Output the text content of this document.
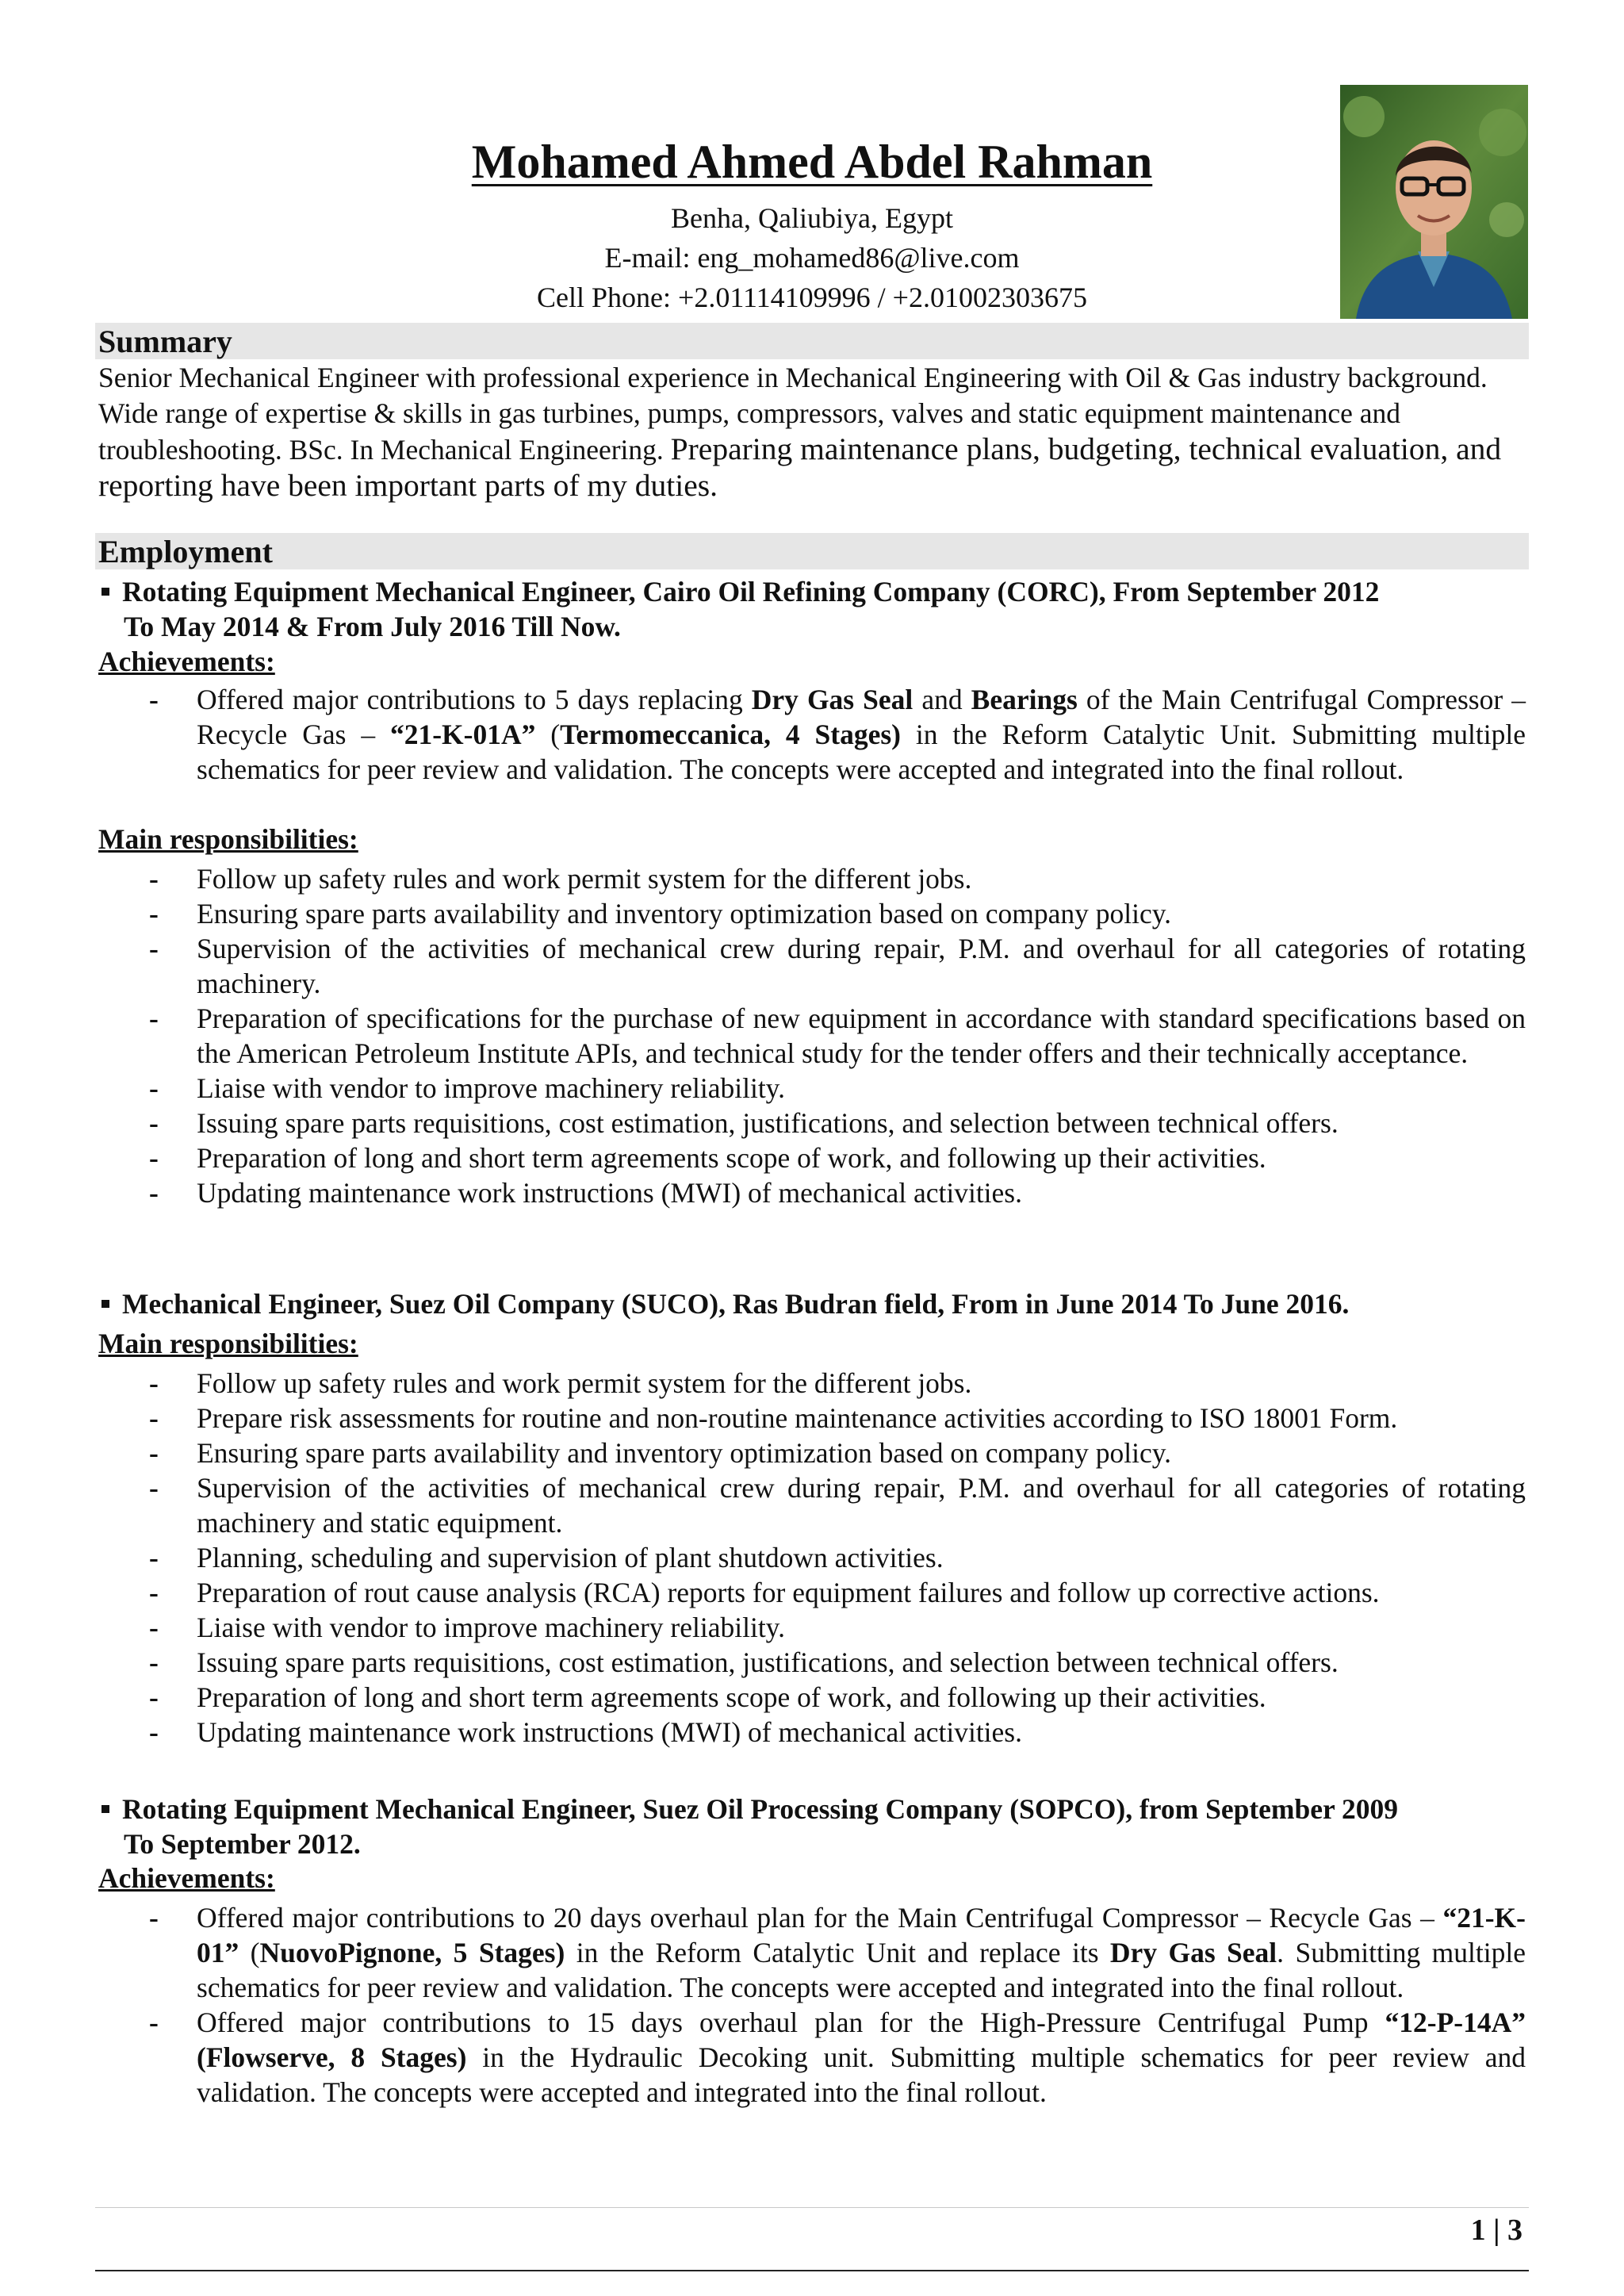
Mohamed Ahmed Abdel Rahman
Benha, Qaliubiya, Egypt
E-mail: eng_mohamed86@live.com
Cell Phone: +2.01114109996 / +2.01002303675
Summary
Senior Mechanical Engineer with professional experience in Mechanical Engineering with Oil & Gas industry background. Wide range of expertise & skills in gas turbines, pumps, compressors, valves and static equipment maintenance and troubleshooting. BSc. In Mechanical Engineering. Preparing maintenance plans, budgeting, technical evaluation, and reporting have been important parts of my duties.
Employment
Rotating Equipment Mechanical Engineer, Cairo Oil Refining Company (CORC), From September 2012
To May 2014 & From July 2016 Till Now.
Achievements:
- Offered major contributions to 5 days replacing Dry Gas Seal and Bearings of the Main Centrifugal Compressor – Recycle Gas – “21-K-01A” (Termomeccanica, 4 Stages) in the Reform Catalytic Unit. Submitting multiple schematics for peer review and validation. The concepts were accepted and integrated into the final rollout.
Main responsibilities:
- Follow up safety rules and work permit system for the different jobs.
- Ensuring spare parts availability and inventory optimization based on company policy.
- Supervision of the activities of mechanical crew during repair, P.M. and overhaul for all categories of rotating machinery.
- Preparation of specifications for the purchase of new equipment in accordance with standard specifications based on the American Petroleum Institute APIs, and technical study for the tender offers and their technically acceptance.
- Liaise with vendor to improve machinery reliability.
- Issuing spare parts requisitions, cost estimation, justifications, and selection between technical offers.
- Preparation of long and short term agreements scope of work, and following up their activities.
- Updating maintenance work instructions (MWI) of mechanical activities.
Mechanical Engineer, Suez Oil Company (SUCO), Ras Budran field, From in June 2014 To June 2016.
Main responsibilities:
- Follow up safety rules and work permit system for the different jobs.
- Prepare risk assessments for routine and non-routine maintenance activities according to ISO 18001 Form.
- Ensuring spare parts availability and inventory optimization based on company policy.
- Supervision of the activities of mechanical crew during repair, P.M. and overhaul for all categories of rotating machinery and static equipment.
- Planning, scheduling and supervision of plant shutdown activities.
- Preparation of rout cause analysis (RCA) reports for equipment failures and follow up corrective actions.
- Liaise with vendor to improve machinery reliability.
- Issuing spare parts requisitions, cost estimation, justifications, and selection between technical offers.
- Preparation of long and short term agreements scope of work, and following up their activities.
- Updating maintenance work instructions (MWI) of mechanical activities.
Rotating Equipment Mechanical Engineer, Suez Oil Processing Company (SOPCO), from September 2009
To September 2012.
Achievements:
- Offered major contributions to 20 days overhaul plan for the Main Centrifugal Compressor – Recycle Gas – “21-K-01” (NuovoPignone, 5 Stages) in the Reform Catalytic Unit and replace its Dry Gas Seal. Submitting multiple schematics for peer review and validation. The concepts were accepted and integrated into the final rollout.
- Offered major contributions to 15 days overhaul plan for the High-Pressure Centrifugal Pump “12-P-14A” (Flowserve, 8 Stages) in the Hydraulic Decoking unit. Submitting multiple schematics for peer review and validation. The concepts were accepted and integrated into the final rollout.
1 | 3
